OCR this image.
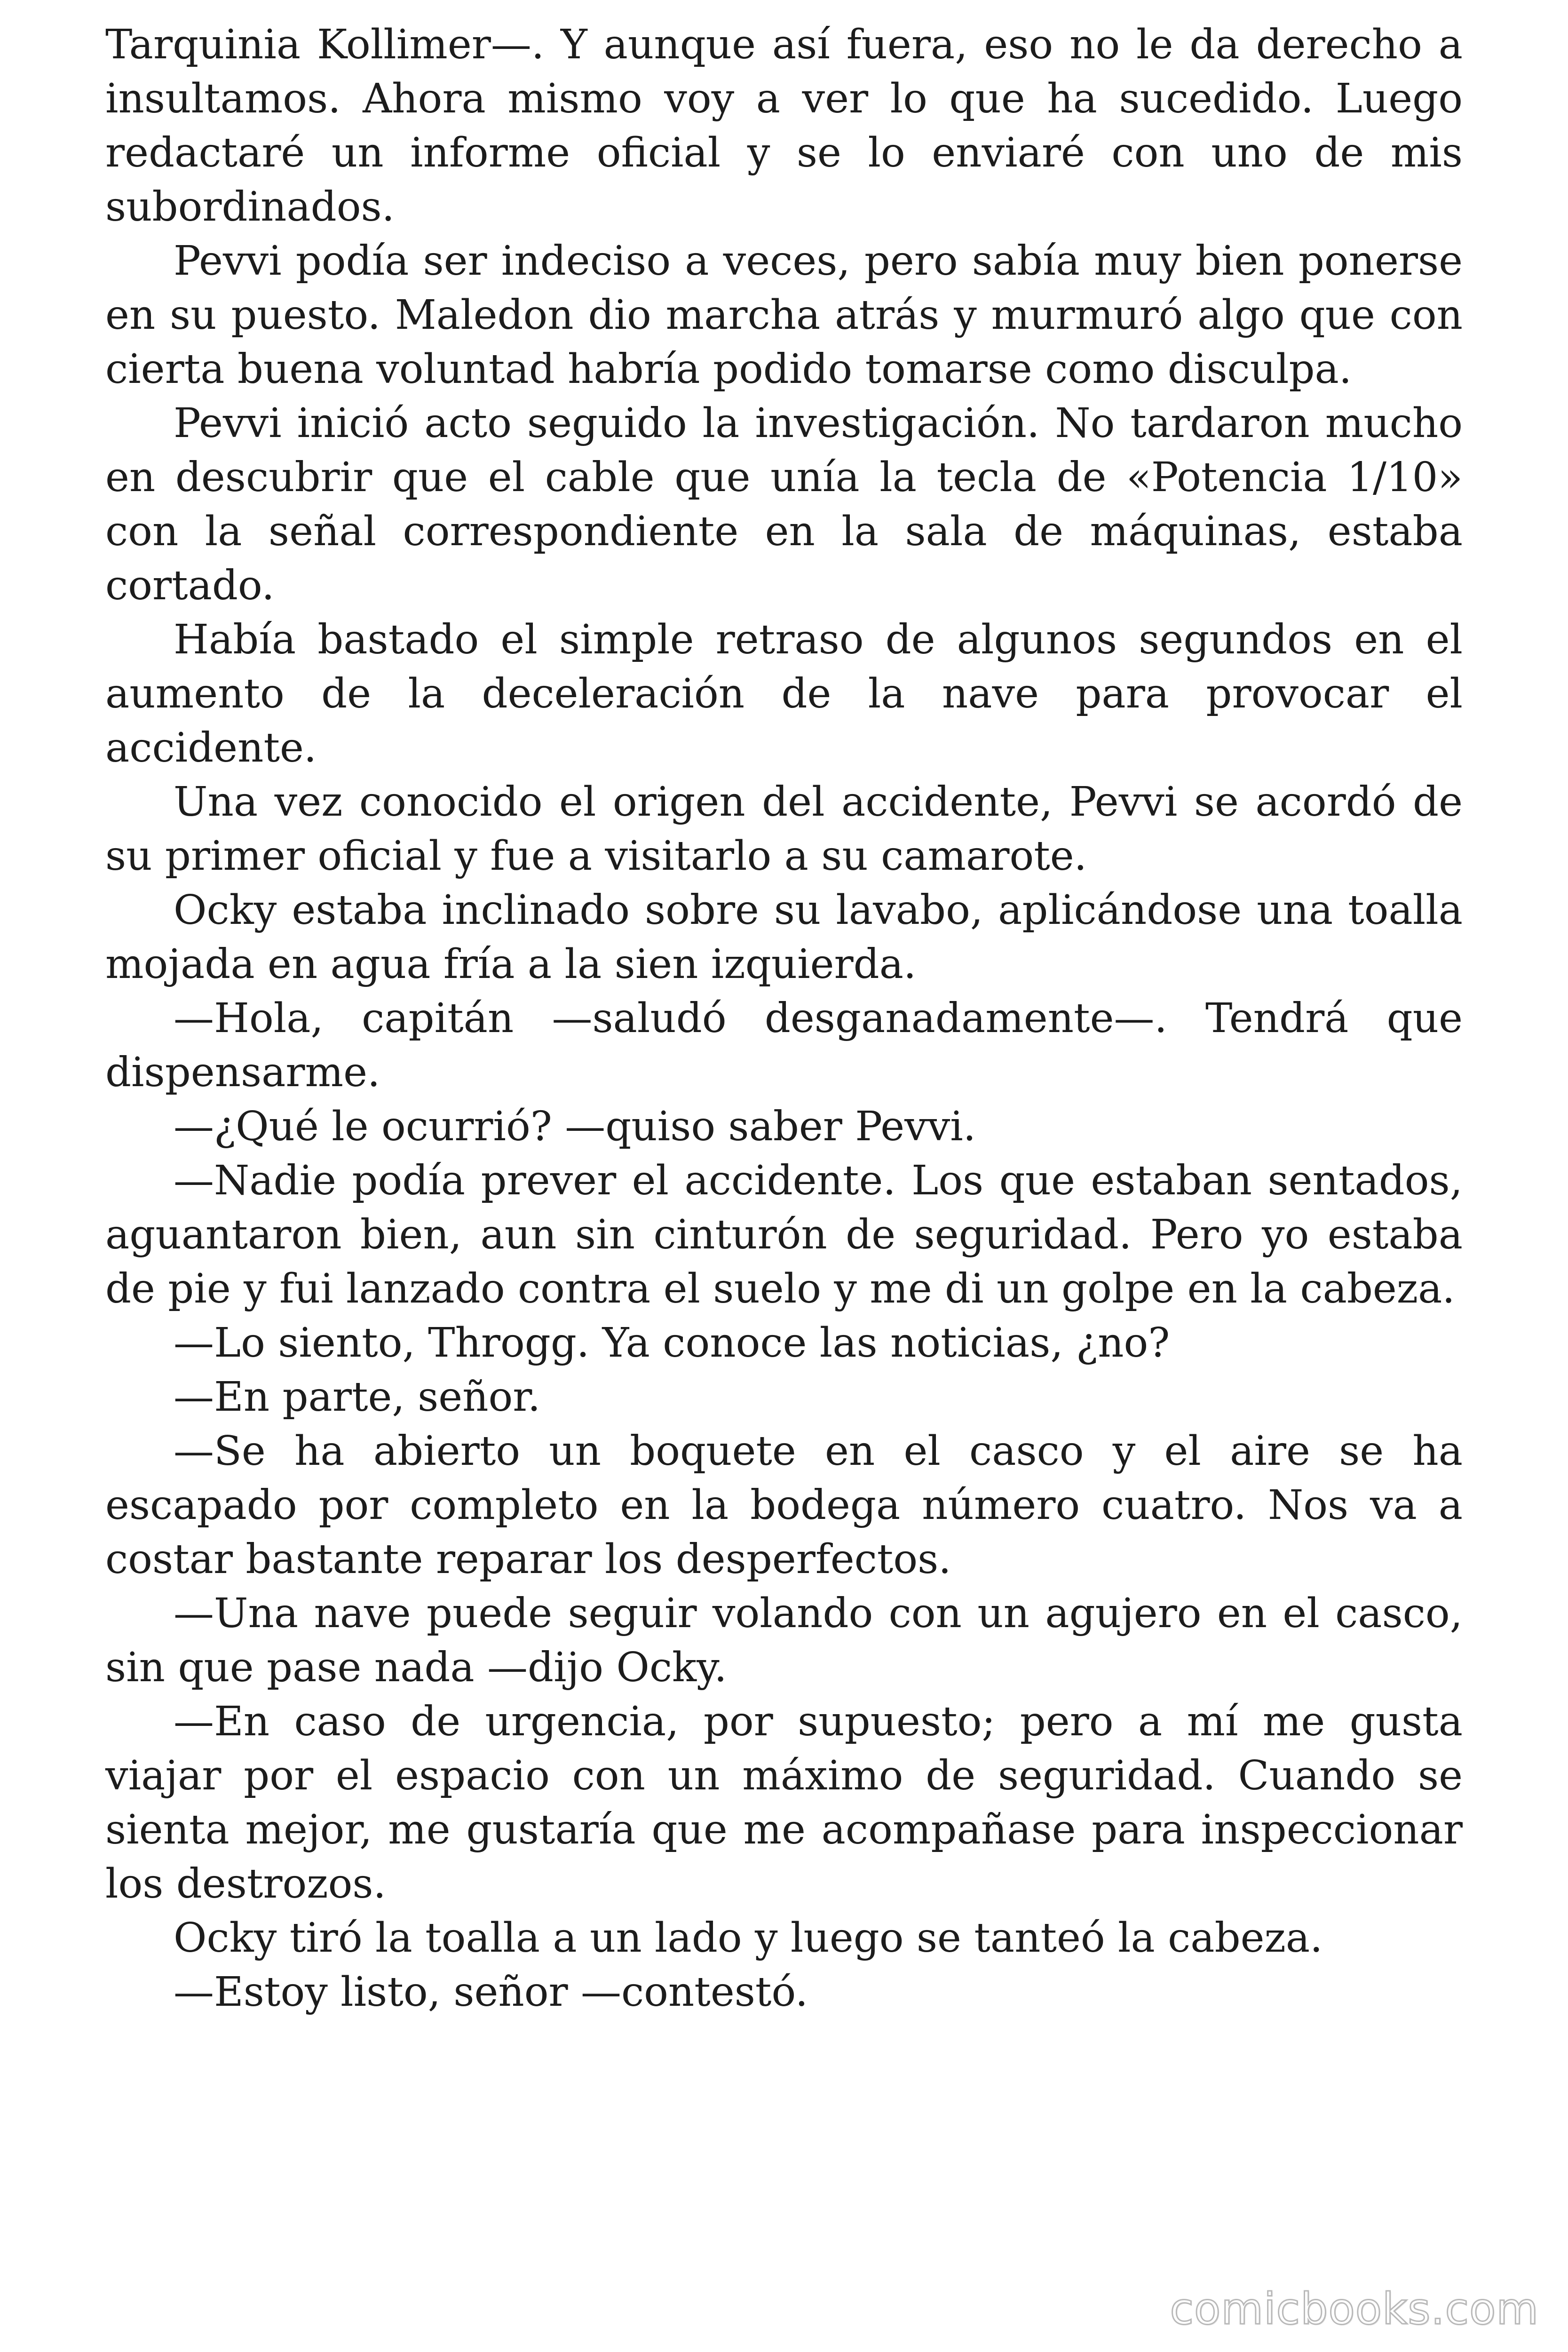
Tarquinia Kollimer—. Y aunque así fuera, eso no le da derecho a insultamos. Ahora mismo voy a ver lo que ha sucedido. Luego redactaré un informe oficial y se lo enviaré con uno de mis subordinados.

Pevvi podía ser indeciso a veces, pero sabía muy bien ponerse en su puesto. Maledon dio marcha atrás y murmuró algo que con cierta buena voluntad habría podido tomarse como disculpa.

Pevvi inició acto seguido la investigación. No tardaron mucho en descubrir que el cable que unía la tecla de «Potencia 1/10» con la señal correspondiente en la sala de máquinas, estaba cortado.

Había bastado el simple retraso de algunos segundos en el aumento de la deceleración de la nave para provocar el accidente.

Una vez conocido el origen del accidente, Pevvi se acordó de su primer oficial y fue a visitarlo a su camarote.

Ocky estaba inclinado sobre su lavabo, aplicándose una toalla mojada en agua fría a la sien izquierda.

—Hola, capitán —saludó desganadamente—. Tendrá que dispensarme.

—¿Qué le ocurrió? —quiso saber Pevvi.

—Nadie podía prever el accidente. Los que estaban sentados, aguantaron bien, aun sin cinturón de seguridad. Pero yo estaba de pie y fui lanzado contra el suelo y me di un golpe en la cabeza.

—Lo siento, Throgg. Ya conoce las noticias, ¿no?

—En parte, señor.

—Se ha abierto un boquete en el casco y el aire se ha escapado por completo en la bodega número cuatro. Nos va a costar bastante reparar los desperfectos.

—Una nave puede seguir volando con un agujero en el casco, sin que pase nada —dijo Ocky.

—En caso de urgencia, por supuesto; pero a mí me gusta viajar por el espacio con un máximo de seguridad. Cuando se sienta mejor, me gustaría que me acompañase para inspeccionar los destrozos.

Ocky tiró la toalla a un lado y luego se tanteó la cabeza.

—Estoy listo, señor —contestó.

comicbooks.com
